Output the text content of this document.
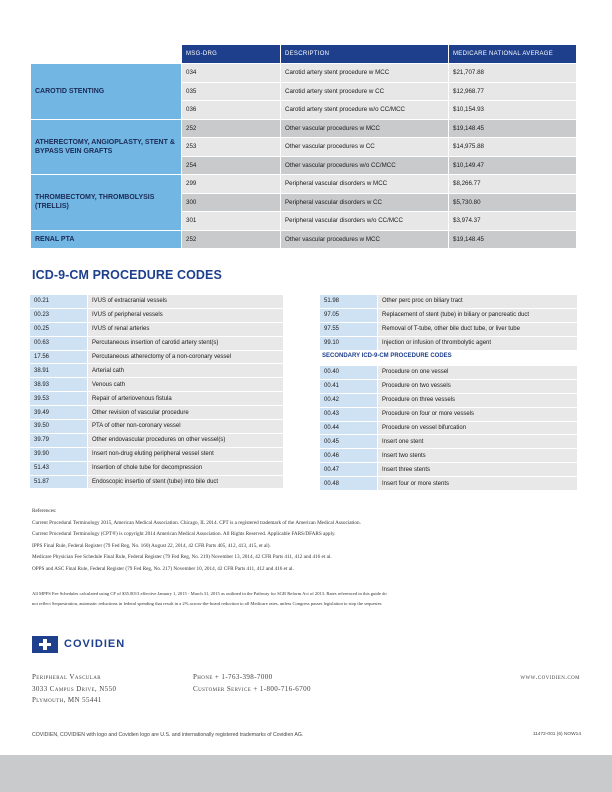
	MSG-DRG	DESCRIPTION	MEDICARE NATIONAL AVERAGE
CAROTID STENTING	034	Carotid artery stent procedure w MCC	$21,707.88
	035	Carotid artery stent procedure w CC	$12,968.77
	036	Carotid artery stent procedure w/o CC/MCC	$10,154.93
ATHERECTOMY, ANGIOPLASTY, STENT & BYPASS VEIN GRAFTS	252	Other vascular procedures w MCC	$19,148.45
	253	Other vascular procedures w CC	$14,975.88
	254	Other vascular procedures w/o CC/MCC	$10,149.47
THROMBECTOMY, THROMBOLYSIS (TRELLIS)	299	Peripheral vascular disorders w MCC	$8,266.77
	300	Peripheral vascular disorders w CC	$5,730.80
	301	Peripheral vascular disorders w/o CC/MCC	$3,974.37
RENAL PTA	252	Other vascular procedures w MCC	$19,148.45
ICD-9-CM PROCEDURE CODES
00.21	IVUS of extracranial vessels
00.23	IVUS of peripheral vessels
00.25	IVUS of renal arteries
00.63	Percutaneous insertion of carotid artery stent(s)
17.56	Percutaneous atherectomy of a non-coronary vessel
38.91	Arterial cath
38.93	Venous cath
39.53	Repair of arteriovenous fistula
39.49	Other revision of vascular procedure
39.50	PTA of other non-coronary vessel
39.79	Other endovascular procedures on other vessel(s)
39.90	Insert non-drug eluting peripheral vessel stent
51.43	Insertion of chole tube for decompression
51.87	Endoscopic insertio of stent (tube) into bile duct
51.98	Other perc proc on biliary tract
97.05	Replacement of stent (tube) in biliary or pancreatic duct
97.55	Removal of T-tube, other bile duct tube, or liver tube
99.10	Injection or infusion of thrombolytic agent
SECONDARY ICD-9-CM PROCEDURE CODES
00.40	Procedure on one vessel
00.41	Procedure on two vessels
00.42	Procedure on three vessels
00.43	Procedure on four or more vessels
00.44	Procedure on vessel bifurcation
00.45	Insert one stent
00.46	Insert two stents
00.47	Insert three stents
00.48	Insert four or more stents
References:
Current Procedural Terminology 2015, American Medical Association. Chicago, IL 2014. CPT is a registered trademark of the American Medical Association.
Current Procedural Terminology (CPT®) is copyright 2014 American Medical Association. All Rights Reserved. Applicable FARS/DFARS apply.
IPPS Final Rule, Federal Register (79 Fed Reg, No. 160) August 22, 2014, 42 CFR Parts 405, 412, 413, 415, et al).
Medicare Physician Fee Schedule Final Rule, Federal Register (79 Fed Reg, No. 219) November 13, 2014, 42 CFR Parts 411, 412 and 416 et al.
OPPS and ASC Final Rule, Federal Register (79 Fed Reg, No. 217) November 10, 2014, 42 CFR Parts 411, 412 and 416 et al.
All MPFS Fee Schedules calculated using CF of $35.8013 effective January 1, 2015 - March 31, 2015 as outlined in the Pathway for SGR Reform Act of 2013. Rates referenced in this guide do
not reflect Sequestration, automatic reductions in federal spending that result in a 2% across-the-board reduction to all Medicare rates, unless Congress passes legislation to stop the sequester.
COVIDIEN
Peripheral Vascular
3033 Campus Drive, N550
Plymouth, MN 55441
Phone + 1-763-398-7000
Customer Service + 1-800-716-6700
www.covidien.com
COVIDIEN, COVIDIEN with logo and Covidien logo are U.S. and internationally registered trademarks of Covidien AG.	11472-001 (6) NOW14
